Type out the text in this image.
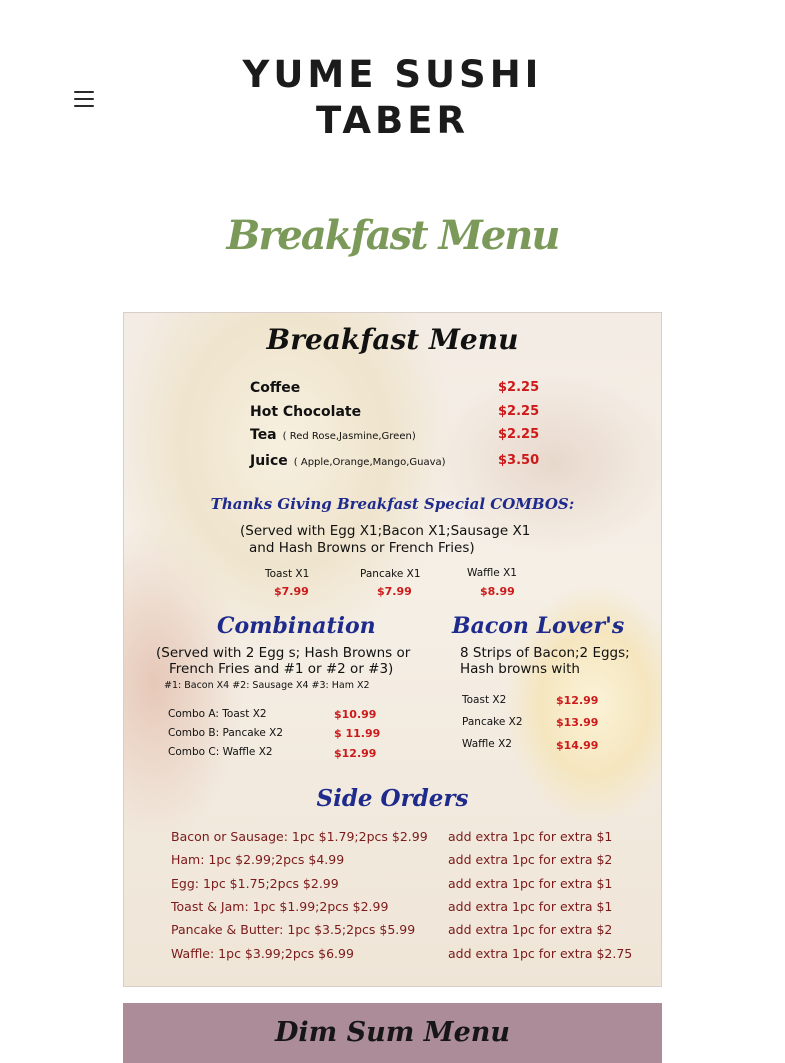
YUME SUSHI
TABER
Breakfast Menu
Breakfast Menu
Coffee	$2.25
Hot Chocolate	$2.25
Tea ( Red Rose,Jasmine,Green)	$2.25
Juice ( Apple,Orange,Mango,Guava)	$3.50
Thanks Giving Breakfast Special COMBOS:
(Served with Egg X1;Bacon X1;Sausage X1
and Hash Browns or French Fries)
Toast X1
$7.99
Pancake X1
$7.99
Waffle X1
$8.99
Combination
(Served with 2 Egg s; Hash Browns or
French Fries and #1 or #2 or #3)
#1: Bacon X4 #2: Sausage X4 #3: Ham X2
Combo A: Toast X2	$10.99
Combo B: Pancake X2	$ 11.99
Combo C: Waffle X2	$12.99
Bacon Lover's
8 Strips of Bacon;2 Eggs;
Hash browns with
Toast X2	$12.99
Pancake X2	$13.99
Waffle X2	$14.99
Side Orders
Bacon or Sausage: 1pc $1.79;2pcs $2.99 add extra 1pc for extra $1
Ham: 1pc $2.99;2pcs $4.99	add extra 1pc for extra $2
Egg: 1pc $1.75;2pcs $2.99	add extra 1pc for extra $1
Toast & Jam: 1pc $1.99;2pcs $2.99	add extra 1pc for extra $1
Pancake & Butter: 1pc $3.5;2pcs $5.99	add extra 1pc for extra $2
Waffle: 1pc $3.99;2pcs $6.99	add extra 1pc for extra $2.75
Dim Sum Menu
